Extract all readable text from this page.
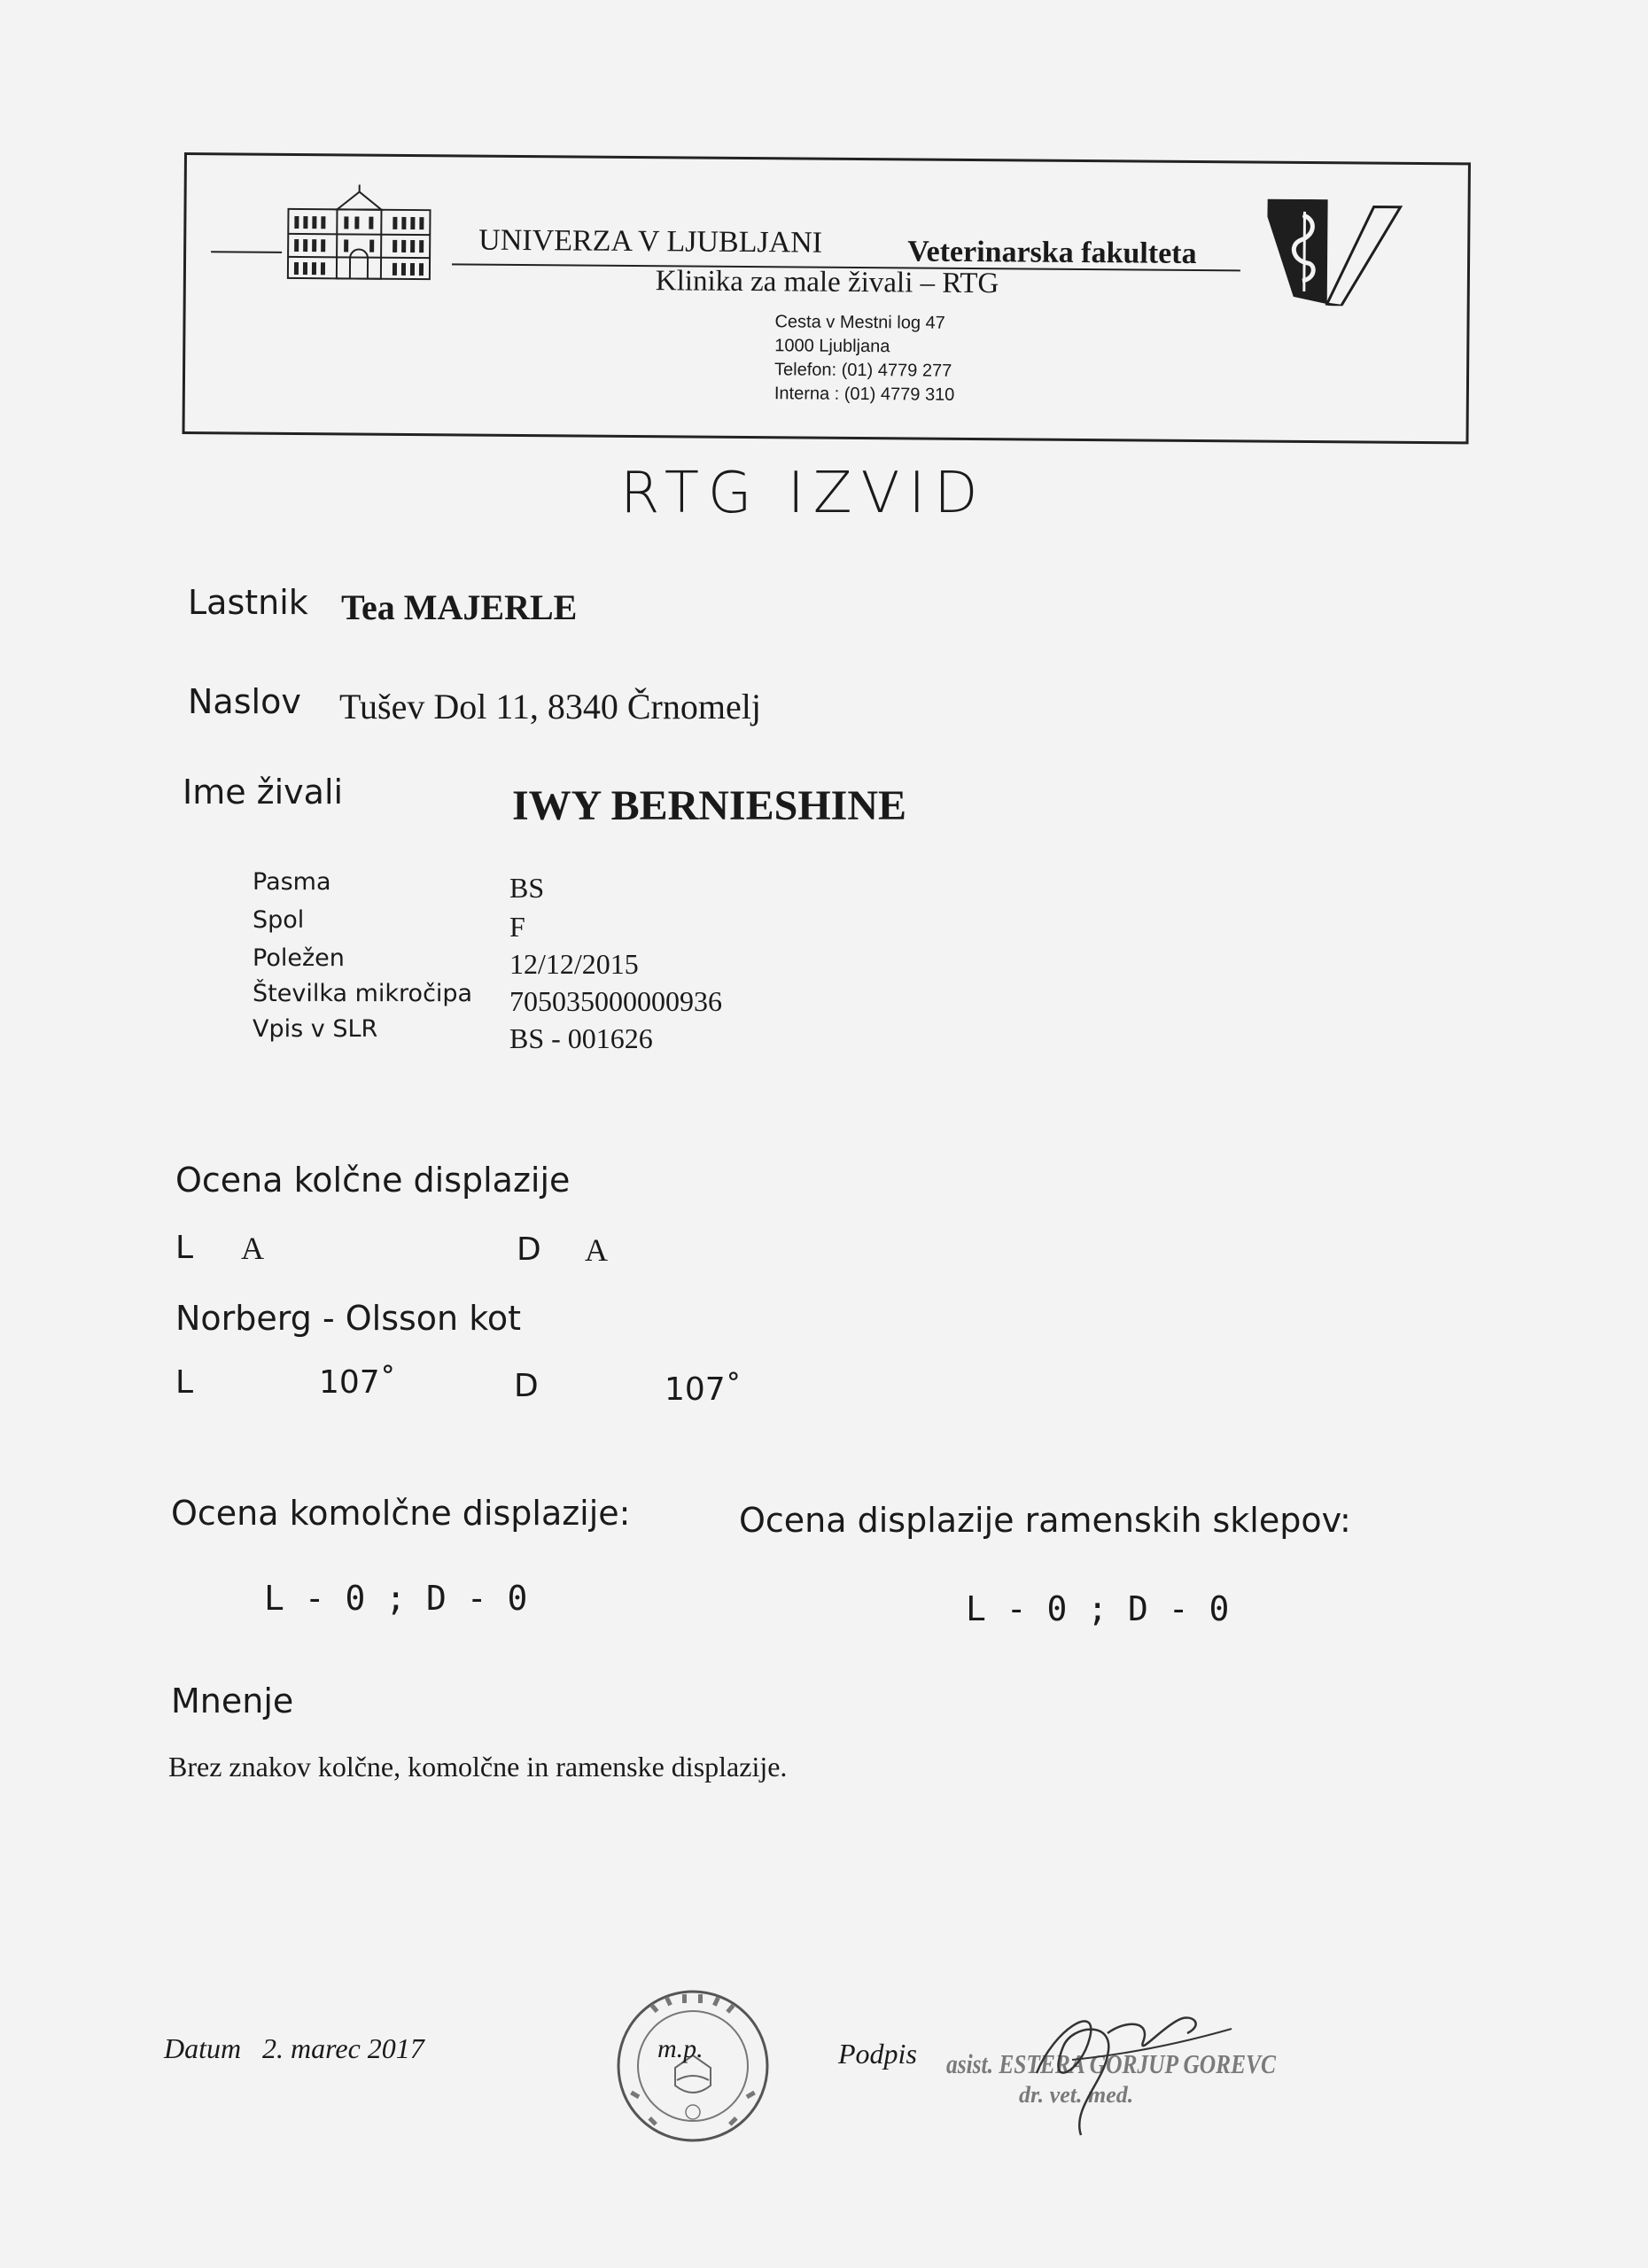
UNIVERZA V LJUBLJANI	Veterinarska fakulteta
Klinika za male živali – RTG
Cesta v Mestni log 47
1000 Ljubljana
Telefon: (01) 4779 277
Interna : (01) 4779 310
RTG IZVID
Lastnik Tea MAJERLE
Naslov Tušev Dol 11, 8340 Črnomelj
Ime živali	IWY BERNIESHINE
Pasma	BS
Spol	F
Poležen	12/12/2015
Številka mikročipa 705035000000936
Vpis v SLR	BS - 001626
Ocena kolčne displazije
L A	D A
Norberg - Olsson kot
L	107˚	D	107˚
Ocena komolčne displazije:
L - 0 ; D - 0
Ocena displazije ramenskih sklepov:
L - 0 ; D - 0
Mnenje
Brez znakov kolčne, komolčne in ramenske displazije.
Datum 2. marec 2017	m.p.	Podpis asist. ESTERA GORJUP GOREVC
dr. vet. med.
